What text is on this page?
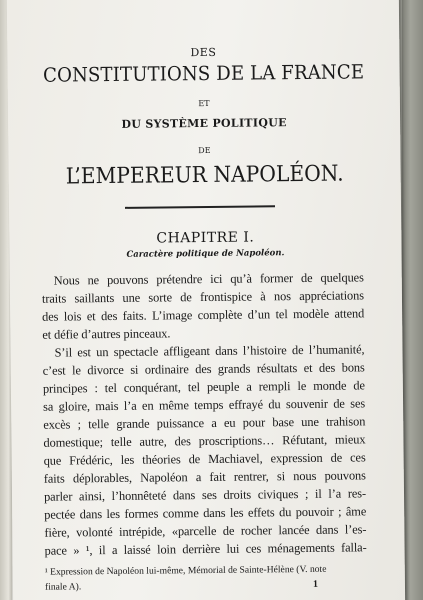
DES
CONSTITUTIONS DE LA FRANCE
ET
DU SYSTÈME POLITIQUE
DE
L’EMPEREUR NAPOLÉON.
CHAPITRE I.
Caractère politique de Napoléon.
Nous ne pouvons prétendre ici qu’à former de quelques
traits saillants une sorte de frontispice à nos appréciations
des lois et des faits. L’image complète d’un tel modèle attend
et défie d’autres pinceaux.
S’il est un spectacle affligeant dans l’histoire de l’humanité,
c’est le divorce si ordinaire des grands résultats et des bons
principes : tel conquérant, tel peuple a rempli le monde de
sa gloire, mais l’a en même temps effrayé du souvenir de ses
excès ; telle grande puissance a eu pour base une trahison
domestique; telle autre, des proscriptions… Réfutant, mieux
que Frédéric, les théories de Machiavel, expression de ces
faits déplorables, Napoléon a fait rentrer, si nous pouvons
parler ainsi, l’honnêteté dans ses droits civiques ; il l’a res-
pectée dans les formes comme dans les effets du pouvoir ; âme
fière, volonté intrépide, «parcelle de rocher lancée dans l’es-
pace » ¹, il a laissé loin derrière lui ces ménagements falla-
¹ Expression de Napoléon lui-même, Mémorial de Sainte-Hélène (V. note
finale A).	1
